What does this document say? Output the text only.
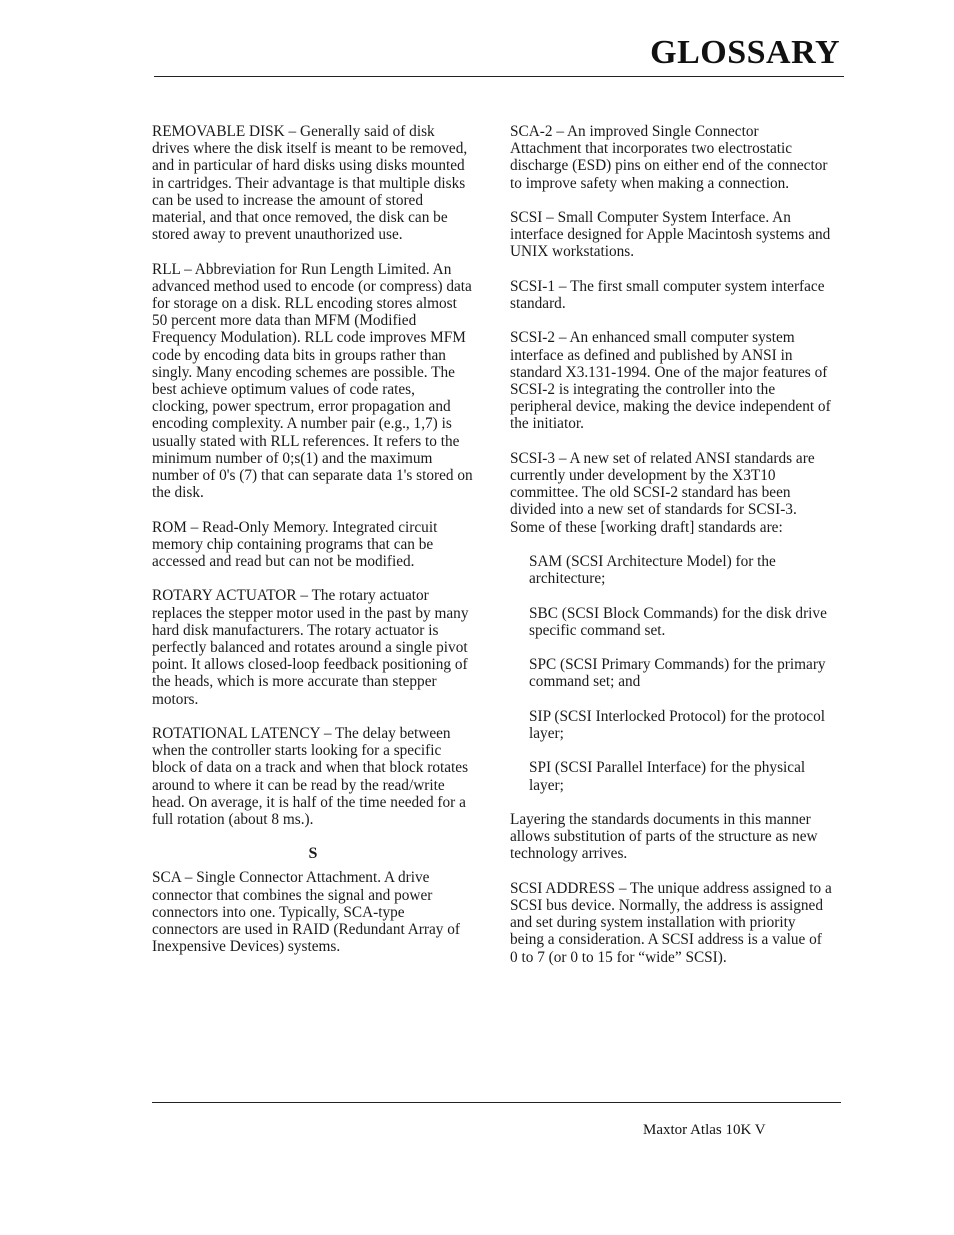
GLOSSARY

REMOVABLE DISK – Generally said of disk drives where the disk itself is meant to be removed, and in particular of hard disks using disks mounted in cartridges. Their advantage is that multiple disks can be used to increase the amount of stored material, and that once removed, the disk can be stored away to prevent unauthorized use.

RLL – Abbreviation for Run Length Limited. An advanced method used to encode (or compress) data for storage on a disk. RLL encoding stores almost 50 percent more data than MFM (Modified Frequency Modulation). RLL code improves MFM code by encoding data bits in groups rather than singly. Many encoding schemes are possible. The best achieve optimum values of code rates, clocking, power spectrum, error propagation and encoding complexity. A number pair (e.g., 1,7) is usually stated with RLL references. It refers to the minimum number of 0;s(1) and the maximum number of 0's (7) that can separate data 1's stored on the disk.

ROM – Read-Only Memory. Integrated circuit memory chip containing programs that can be accessed and read but can not be modified.

ROTARY ACTUATOR – The rotary actuator replaces the stepper motor used in the past by many hard disk manufacturers. The rotary actuator is perfectly balanced and rotates around a single pivot point. It allows closed-loop feedback positioning of the heads, which is more accurate than stepper motors.

ROTATIONAL LATENCY – The delay between when the controller starts looking for a specific block of data on a track and when that block rotates around to where it can be read by the read/write head. On average, it is half of the time needed for a full rotation (about 8 ms.).

S

SCA – Single Connector Attachment. A drive connector that combines the signal and power connectors into one. Typically, SCA-type connectors are used in RAID (Redundant Array of Inexpensive Devices) systems.

SCA-2 – An improved Single Connector Attachment that incorporates two electrostatic discharge (ESD) pins on either end of the connector to improve safety when making a connection.

SCSI – Small Computer System Interface. An interface designed for Apple Macintosh systems and UNIX workstations.

SCSI-1 – The first small computer system interface standard.

SCSI-2 – An enhanced small computer system interface as defined and published by ANSI in standard X3.131-1994. One of the major features of SCSI-2 is integrating the controller into the peripheral device, making the device independent of the initiator.

SCSI-3 – A new set of related ANSI standards are currently under development by the X3T10 committee. The old SCSI-2 standard has been divided into a new set of standards for SCSI-3. Some of these [working draft] standards are:

SAM (SCSI Architecture Model) for the architecture;

SBC (SCSI Block Commands) for the disk drive specific command set.

SPC (SCSI Primary Commands) for the primary command set; and

SIP (SCSI Interlocked Protocol) for the protocol layer;

SPI (SCSI Parallel Interface) for the physical layer;

Layering the standards documents in this manner allows substitution of parts of the structure as new technology arrives.

SCSI ADDRESS – The unique address assigned to a SCSI bus device. Normally, the address is assigned and set during system installation with priority being a consideration. A SCSI address is a value of 0 to 7 (or 0 to 15 for “wide” SCSI).

Maxtor Atlas 10K V
